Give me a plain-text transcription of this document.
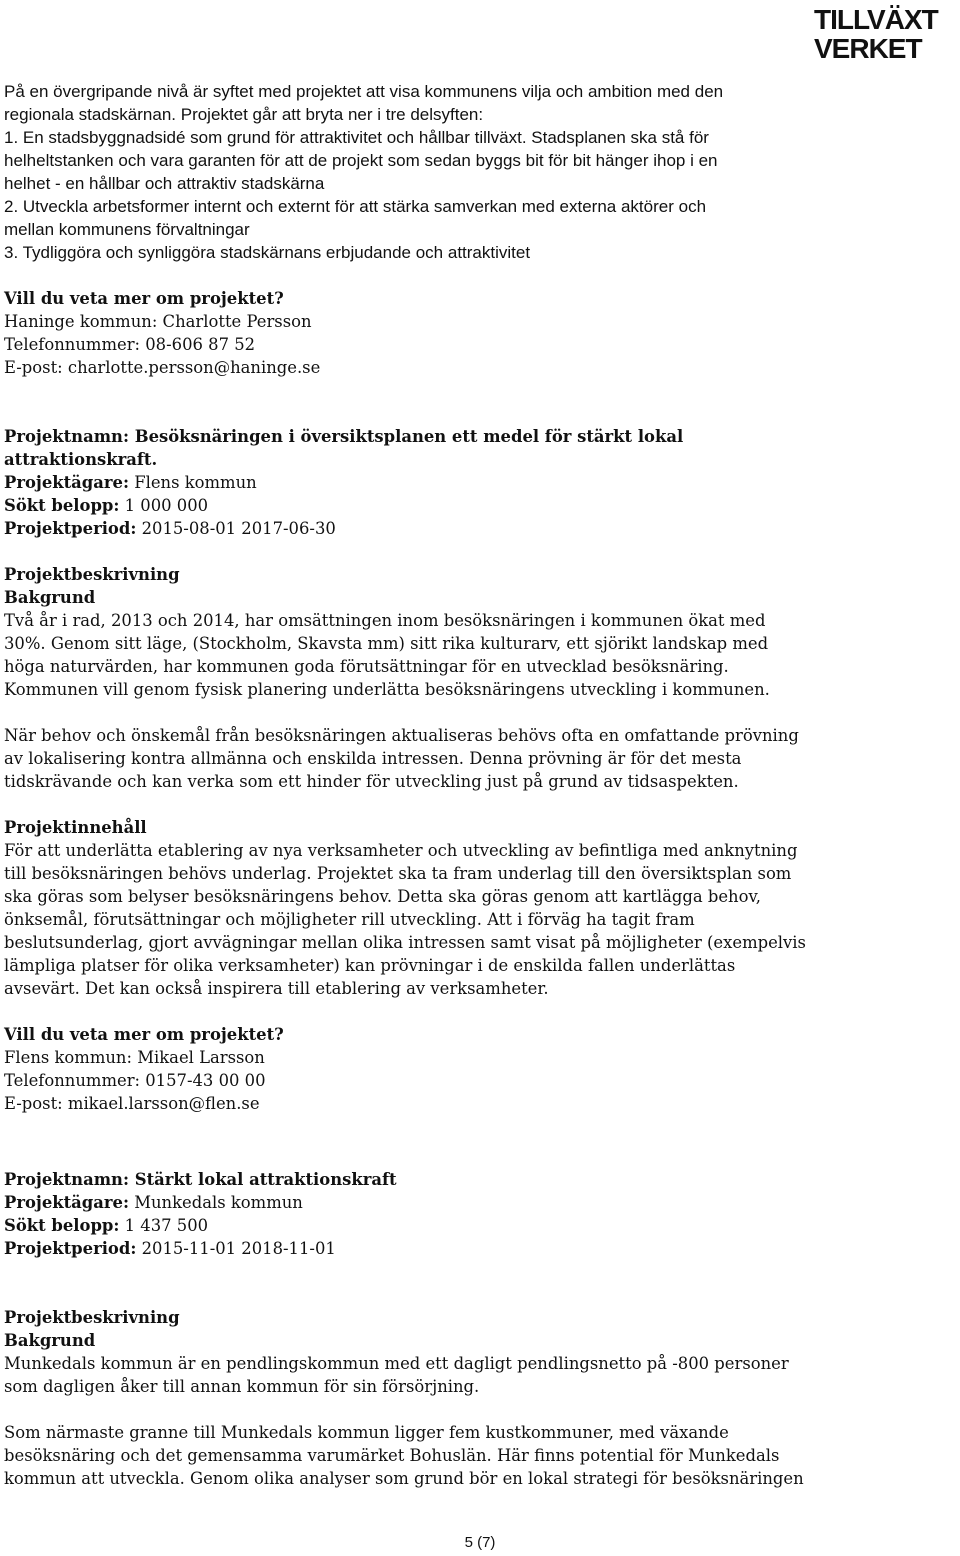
TILLVÄXT
VERKET

På en övergripande nivå är syftet med projektet att visa kommunens vilja och ambition med den

regionala stadskärnan. Projektet går att bryta ner i tre delsyften:

1. En stadsbyggnadsidé som grund för attraktivitet och hållbar tillväxt. Stadsplanen ska stå för

helheltstanken och vara garanten för att de projekt som sedan byggs bit för bit hänger ihop i en

helhet - en hållbar och attraktiv stadskärna

2. Utveckla arbetsformer internt och externt för att stärka samverkan med externa aktörer och

mellan kommunens förvaltningar

3. Tydliggöra och synliggöra stadskärnans erbjudande och attraktivitet

Vill du veta mer om projektet?

Haninge kommun: Charlotte Persson

Telefonnummer: 08-606 87 52

E-post: charlotte.persson@haninge.se

Projektnamn: Besöksnäringen i översiktsplanen ett medel för stärkt lokal

attraktionskraft.

Projektägare: Flens kommun

Sökt belopp: 1 000 000

Projektperiod: 2015-08-01 2017-06-30

Projektbeskrivning

Bakgrund

Två år i rad, 2013 och 2014, har omsättningen inom besöksnäringen i kommunen ökat med

30%. Genom sitt läge, (Stockholm, Skavsta mm) sitt rika kulturarv, ett sjörikt landskap med

höga naturvärden, har kommunen goda förutsättningar för en utvecklad besöksnäring.

Kommunen vill genom fysisk planering underlätta besöksnäringens utveckling i kommunen.

När behov och önskemål från besöksnäringen aktualiseras behövs ofta en omfattande prövning

av lokalisering kontra allmänna och enskilda intressen. Denna prövning är för det mesta

tidskrävande och kan verka som ett hinder för utveckling just på grund av tidsaspekten.

Projektinnehåll

För att underlätta etablering av nya verksamheter och utveckling av befintliga med anknytning

till besöksnäringen behövs underlag. Projektet ska ta fram underlag till den översiktsplan som

ska göras som belyser besöksnäringens behov. Detta ska göras genom att kartlägga behov,

önksemål, förutsättningar och möjligheter rill utveckling. Att i förväg ha tagit fram

beslutsunderlag, gjort avvägningar mellan olika intressen samt visat på möjligheter (exempelvis

lämpliga platser för olika verksamheter) kan prövningar i de enskilda fallen underlättas

avsevärt. Det kan också inspirera till etablering av verksamheter.

Vill du veta mer om projektet?

Flens kommun: Mikael Larsson

Telefonnummer: 0157-43 00 00

E-post: mikael.larsson@flen.se

Projektnamn: Stärkt lokal attraktionskraft

Projektägare: Munkedals kommun

Sökt belopp: 1 437 500

Projektperiod: 2015-11-01 2018-11-01

Projektbeskrivning

Bakgrund

Munkedals kommun är en pendlingskommun med ett dagligt pendlingsnetto på -800 personer

som dagligen åker till annan kommun för sin försörjning.

Som närmaste granne till Munkedals kommun ligger fem kustkommuner, med växande

besöksnäring och det gemensamma varumärket Bohuslän. Här finns potential för Munkedals

kommun att utveckla. Genom olika analyser som grund bör en lokal strategi för besöksnäringen

5 (7)
